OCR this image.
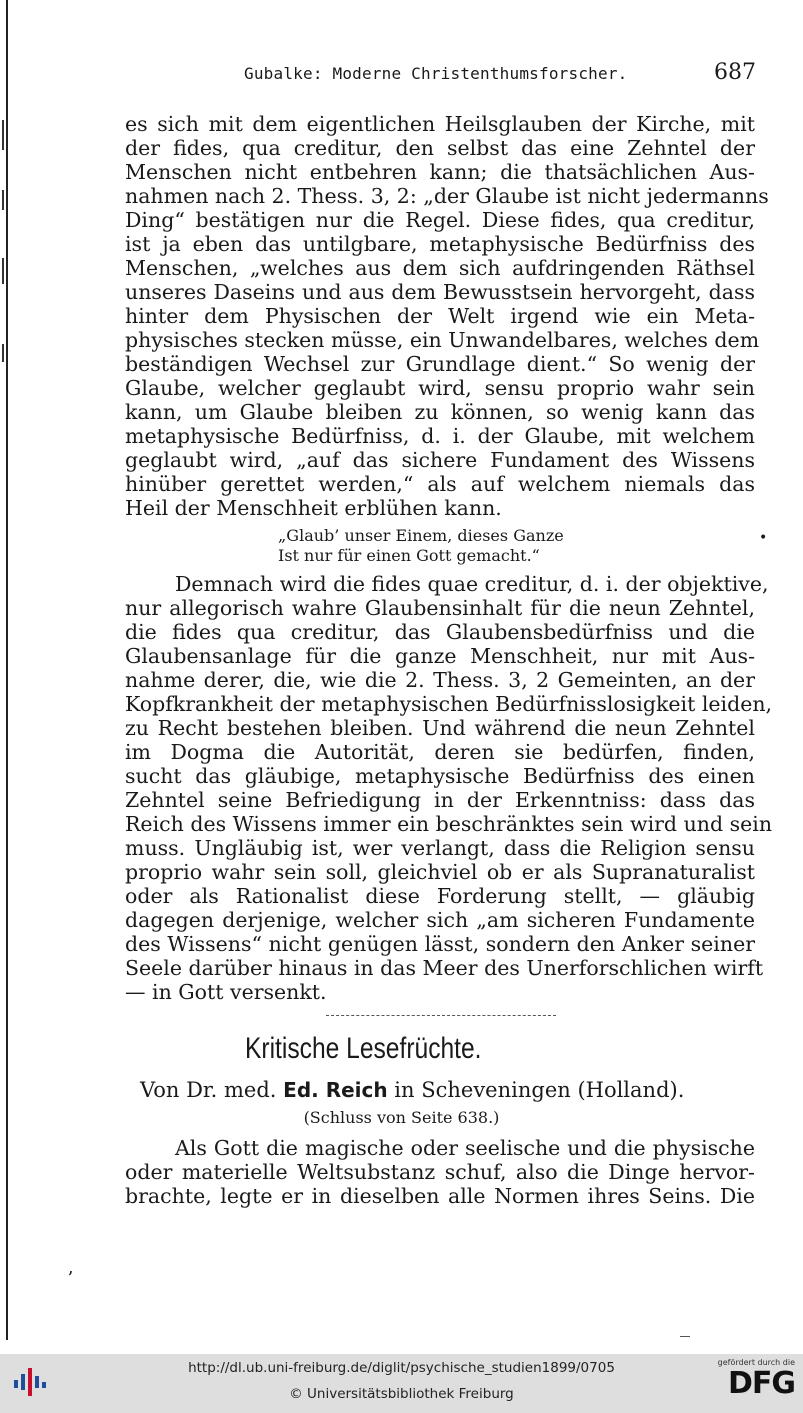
Gubalke: Moderne Christenthumsforscher.	687
es sich mit dem eigentlichen Heilsglauben der Kirche, mit
der fides, qua creditur, den selbst das eine Zehntel der
Menschen nicht entbehren kann; die thatsächlichen Aus-
nahmen nach 2. Thess. 3, 2: „der Glaube ist nicht jedermanns
Ding“ bestätigen nur die Regel. Diese fides, qua creditur,
ist ja eben das untilgbare, metaphysische Bedürfniss des
Menschen, „welches aus dem sich aufdringenden Räthsel
unseres Daseins und aus dem Bewusstsein hervorgeht, dass
hinter dem Physischen der Welt irgend wie ein Meta-
physisches stecken müsse, ein Unwandelbares, welches dem
beständigen Wechsel zur Grundlage dient.“ So wenig der
Glaube, welcher geglaubt wird, sensu proprio wahr sein
kann, um Glaube bleiben zu können, so wenig kann das
metaphysische Bedürfniss, d. i. der Glaube, mit welchem
geglaubt wird, „auf das sichere Fundament des Wissens
hinüber gerettet werden,“ als auf welchem niemals das
Heil der Menschheit erblühen kann.
„Glaub’ unser Einem, dieses Ganze
Ist nur für einen Gott gemacht.“
•
Demnach wird die fides quae creditur, d. i. der objektive,
nur allegorisch wahre Glaubensinhalt für die neun Zehntel,
die fides qua creditur, das Glaubensbedürfniss und die
Glaubensanlage für die ganze Menschheit, nur mit Aus-
nahme derer, die, wie die 2. Thess. 3, 2 Gemeinten, an der
Kopfkrankheit der metaphysischen Bedürfnisslosigkeit leiden,
zu Recht bestehen bleiben. Und während die neun Zehntel
im Dogma die Autorität, deren sie bedürfen, finden,
sucht das gläubige, metaphysische Bedürfniss des einen
Zehntel seine Befriedigung in der Erkenntniss: dass das
Reich des Wissens immer ein beschränktes sein wird und sein
muss. Ungläubig ist, wer verlangt, dass die Religion sensu
proprio wahr sein soll, gleichviel ob er als Supranaturalist
oder als Rationalist diese Forderung stellt, — gläubig
dagegen derjenige, welcher sich „am sicheren Fundamente
des Wissens“ nicht genügen lässt, sondern den Anker seiner
Seele darüber hinaus in das Meer des Unerforschlichen wirft
— in Gott versenkt.
Kritische Lesefrüchte.
Von Dr. med. Ed. Reich in Scheveningen (Holland).
(Schluss von Seite 638.)
Als Gott die magische oder seelische und die physische
oder materielle Weltsubstanz schuf, also die Dinge hervor-
brachte, legte er in dieselben alle Normen ihres Seins. Die
ʼ
http://dl.ub.uni-freiburg.de/diglit/psychische_studien1899/0705
© Universitätsbibliothek Freiburg
gefördert durch die
DFG
